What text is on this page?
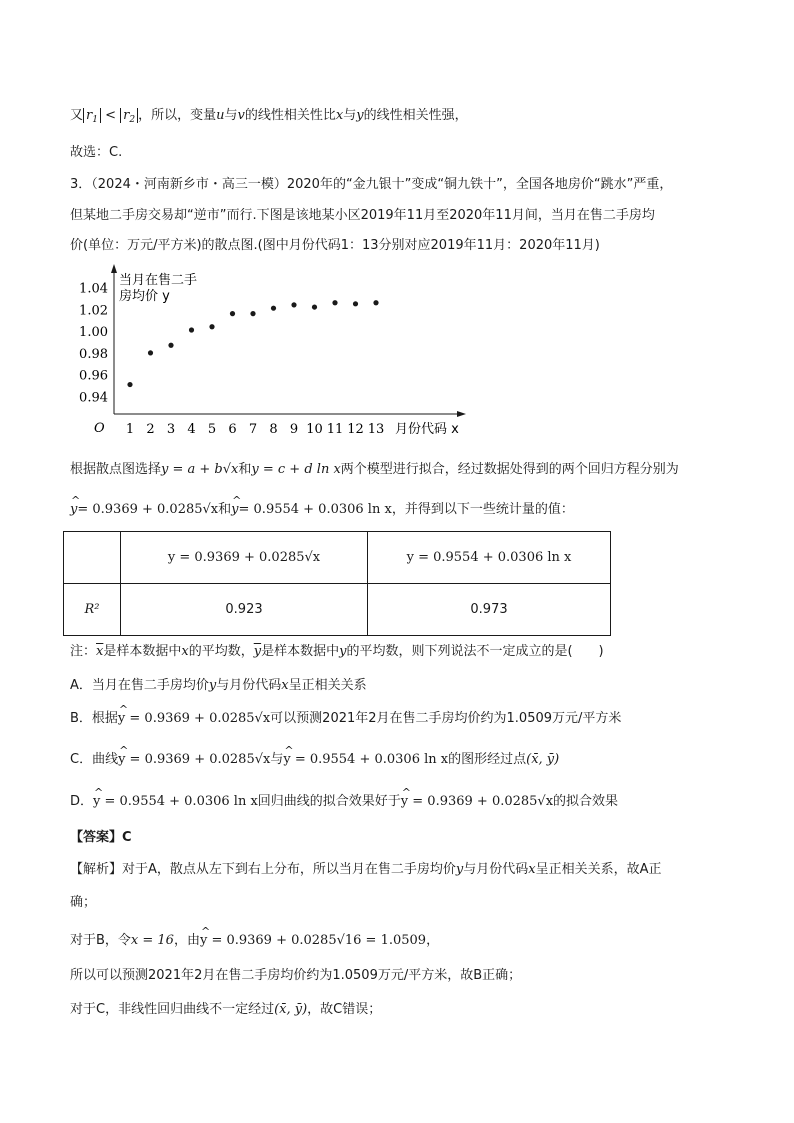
又 $r_1 < r_2$ ，所以，变量u与v的线性相关性比x与y的线性相关性强，
故选：C.
3．（2024・河南新乡市・高三一模）2020年的“金九银十”变成“铜九铁十”，全国各地房价“跳水”严重，
但某地二手房交易却“逆市”而行.下图是该地某小区2019年11月至2020年11月间，当月在售二手房均
价(单位：万元/平方米)的散点图.(图中月份代码1：13分别对应2019年11月：2020年11月)
O
当月在售二手
房均价 y
月份代码 x
1 2 3 4 5 6 7 8 9 10 11 12 13
0.94
0.96
0.98
1.00
1.02
1.04
根据散点图选择y = a + b√x和y = c + d ln x两个模型进行拟合，经过数据处得到的两个回归方程分别为
^ y= 0.9369 + 0.0285√x和^ y= 0.9554 + 0.0306 ln x，并得到以下一些统计量的值：
	y = 0.9369 + 0.0285√x	y = 0.9554 + 0.0306 ln x
R²	0.923	0.973
注：$\overline{x}$是样本数据中x的平均数，$\overline{y}$是样本数据中y的平均数，则下列说法不一定成立的是(　　)
A．当月在售二手房均价y与月份代码x呈正相关关系
B．根据^ y = 0.9369 + 0.0285√x可以预测2021年2月在售二手房均价约为1.0509万元/平方米
C．曲线^ y = 0.9369 + 0.0285√x与^ y = 0.9554 + 0.0306 ln x的图形经过点(x̄, ȳ)
D．^ y = 0.9554 + 0.0306 ln x回归曲线的拟合效果好于^ y = 0.9369 + 0.0285√x的拟合效果
【答案】C
【解析】对于A，散点从左下到右上分布，所以当月在售二手房均价y与月份代码x呈正相关关系，故A正
确；
对于B，令x = 16，由^ y = 0.9369 + 0.0285√16 = 1.0509，
所以可以预测2021年2月在售二手房均价约为1.0509万元/平方米，故B正确；
对于C，非线性回归曲线不一定经过(x̄, ȳ)，故C错误；
